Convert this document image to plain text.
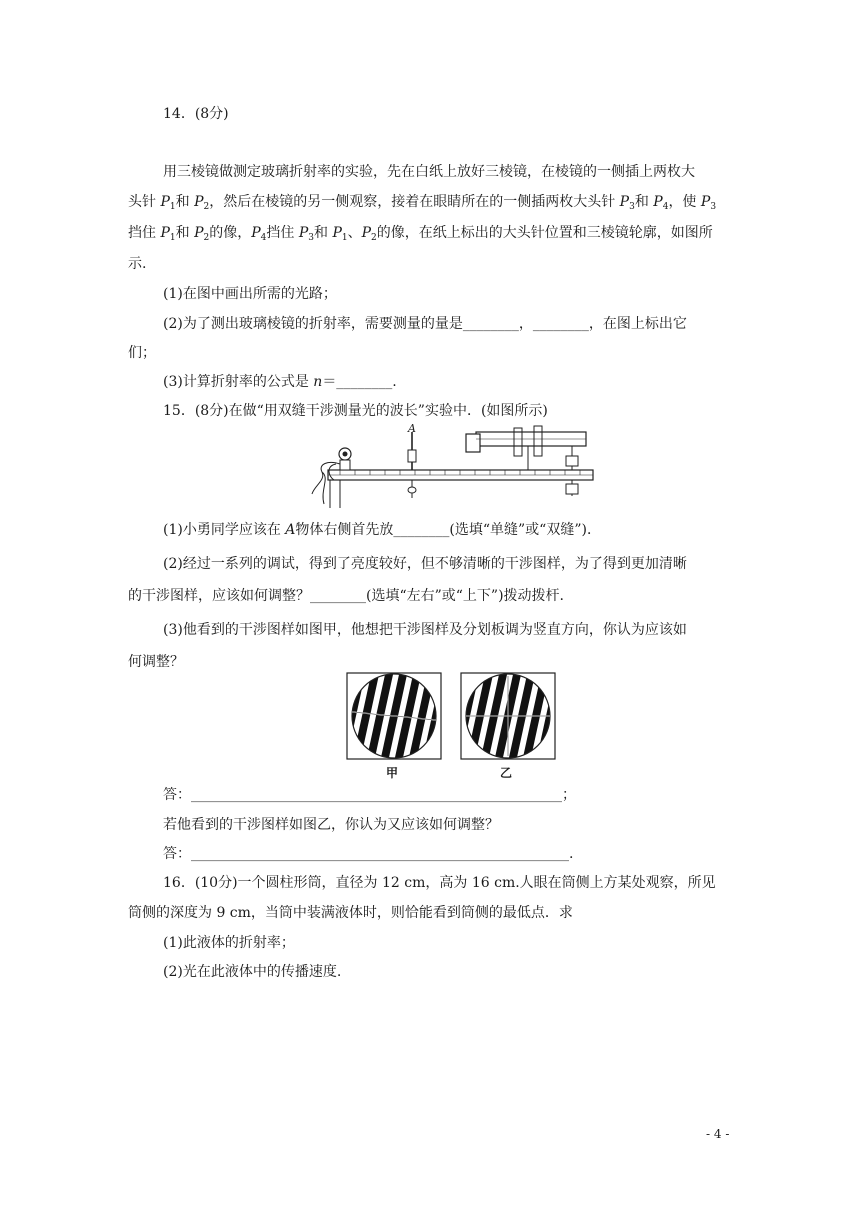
14．(8分)
用三棱镜做测定玻璃折射率的实验，先在白纸上放好三棱镜，在棱镜的一侧插上两枚大
头针 $P_1$和 $P_2$，然后在棱镜的另一侧观察，接着在眼睛所在的一侧插两枚大头针 $P_3$和 $P_4$，使 $P_3$
挡住 $P_1$和 $P_2$的像，$P_4$挡住 $P_3$和 $P_1$、$P_2$的像，在纸上标出的大头针位置和三棱镜轮廓，如图所
示.
(1)在图中画出所需的光路；
(2)为了测出玻璃棱镜的折射率，需要测量的量是________，________，在图上标出它
们；
(3)计算折射率的公式是 n＝________.
15．(8分)在做“用双缝干涉测量光的波长”实验中．(如图所示)
A
(1)小勇同学应该在 A物体右侧首先放________(选填“单缝”或“双缝”)．
(2)经过一系列的调试，得到了亮度较好，但不够清晰的干涉图样，为了得到更加清晰
的干涉图样，应该如何调整？________(选填“左右”或“上下”)拨动拨杆.
(3)他看到的干涉图样如图甲，他想把干涉图样及分划板调为竖直方向，你认为应该如
何调整？
甲	乙
答：_____________________________________________________；
若他看到的干涉图样如图乙，你认为又应该如何调整？
答：______________________________________________________.
16．(10分)一个圆柱形筒，直径为 12 cm，高为 16 cm.人眼在筒侧上方某处观察，所见
筒侧的深度为 9 cm，当筒中装满液体时，则恰能看到筒侧的最低点．求
(1)此液体的折射率；
(2)光在此液体中的传播速度.
- 4 -
